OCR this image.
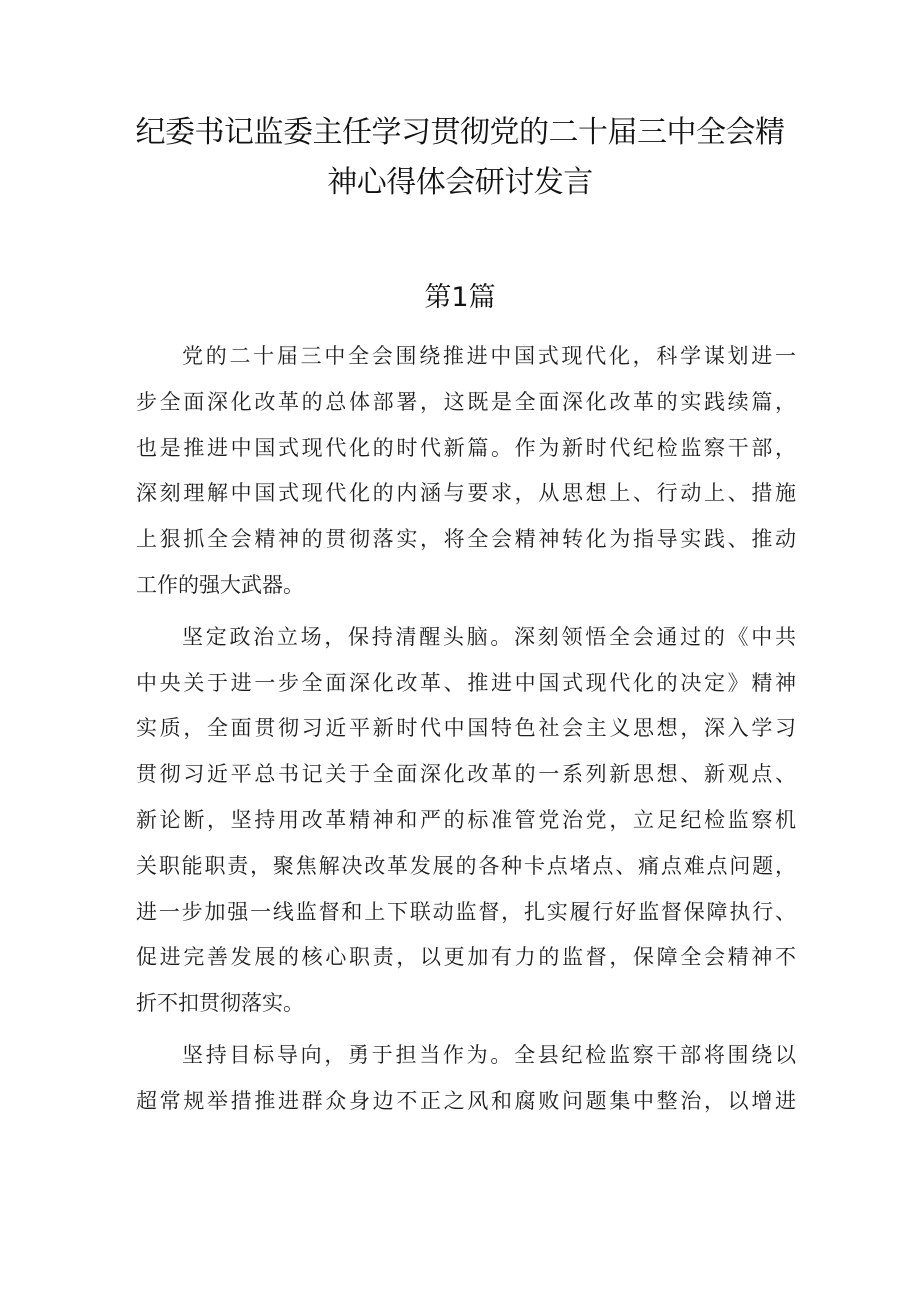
纪委书记监委主任学习贯彻党的二十届三中全会精
神心得体会研讨发言
第1篇

党的二十届三中全会围绕推进中国式现代化，科学谋划进一
步全面深化改革的总体部署，这既是全面深化改革的实践续篇，
也是推进中国式现代化的时代新篇。作为新时代纪检监察干部，
深刻理解中国式现代化的内涵与要求，从思想上、行动上、措施
上狠抓全会精神的贯彻落实，将全会精神转化为指导实践、推动
工作的强大武器。

坚定政治立场，保持清醒头脑。深刻领悟全会通过的《中共
中央关于进一步全面深化改革、推进中国式现代化的决定》精神
实质，全面贯彻习近平新时代中国特色社会主义思想，深入学习
贯彻习近平总书记关于全面深化改革的一系列新思想、新观点、
新论断，坚持用改革精神和严的标准管党治党，立足纪检监察机
关职能职责，聚焦解决改革发展的各种卡点堵点、痛点难点问题，
进一步加强一线监督和上下联动监督，扎实履行好监督保障执行、
促进完善发展的核心职责，以更加有力的监督，保障全会精神不
折不扣贯彻落实。

坚持目标导向，勇于担当作为。全县纪检监察干部将围绕以
超常规举措推进群众身边不正之风和腐败问题集中整治，以增进
